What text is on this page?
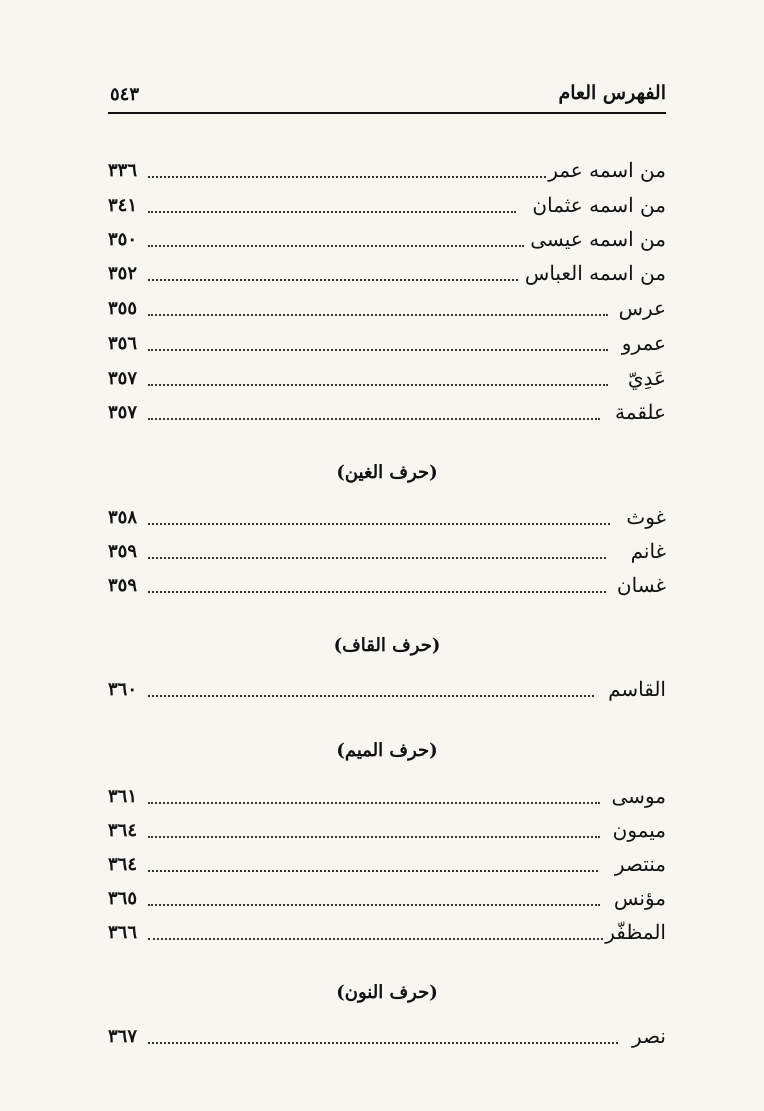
الفهرس العام
٥٤٣
من اسمه عمر
٣٣٦
من اسمه عثمان
٣٤١
من اسمه عيسى
٣٥٠
من اسمه العباس
٣٥٢
عرس
٣٥٥
عمرو
٣٥٦
عَدِيّ
٣٥٧
علقمة
٣٥٧
(حرف الغين)
غوث
٣٥٨
غانم
٣٥٩
غسان
٣٥٩
(حرف القاف)
القاسم
٣٦٠
(حرف الميم)
موسى
٣٦١
ميمون
٣٦٤
منتصر
٣٦٤
مؤنس
٣٦٥
المظفّر
٣٦٦
(حرف النون)
نصر
٣٦٧
